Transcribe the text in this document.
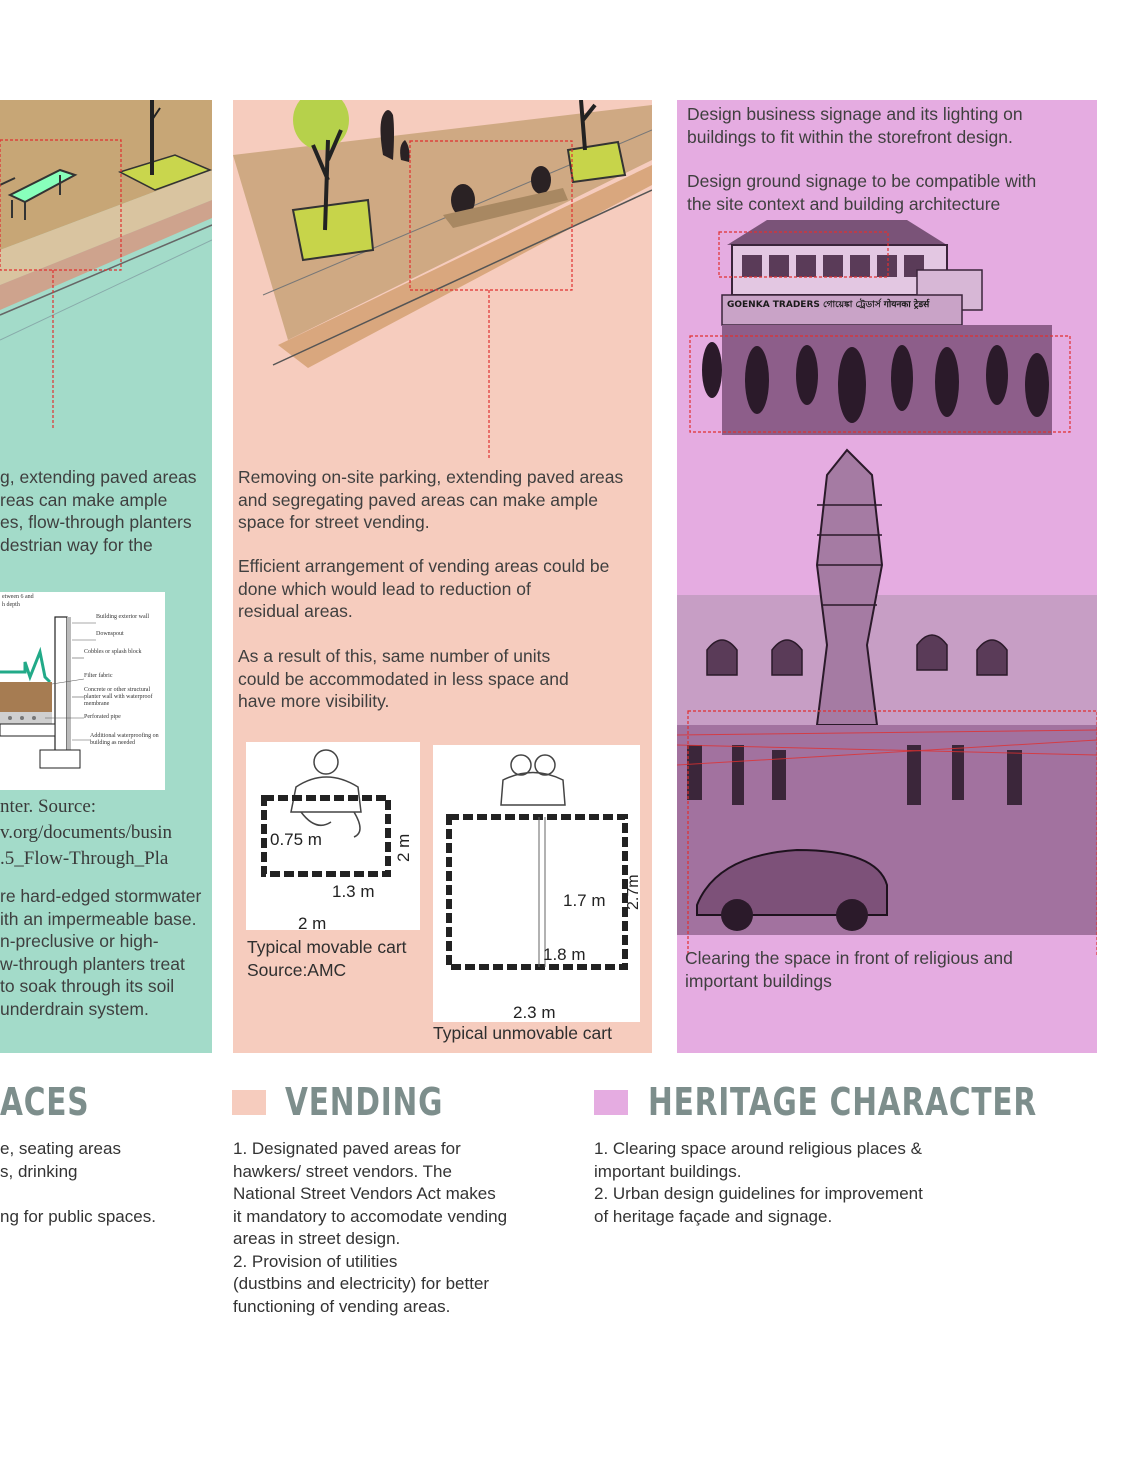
g, extending paved areas
reas can make ample
es, flow-through planters
destrian way for the
etween 6 and
h depth
Building exterior wall
Downspout
Cobbles or splash block
Filter fabric
Concrete or other structural planter wall with waterproof membrane
Perforated pipe
Additional waterproofing on building as needed
nter. Source:
v.org/documents/busin
.5_Flow-Through_Pla
re hard-edged stormwater
ith an impermeable base.
n-preclusive or high-
w-through planters treat
to soak through its soil
underdrain system.
Removing on-site parking, extending paved areas
and segregating paved areas can make ample
space for street vending.
Efficient arrangement of vending areas could be
done which would lead to reduction of
residual areas.
As a result of this, same number of units
could be accommodated in less space and
have more visibility.
0.75 m	2 m
1.3 m
2 m
Typical movable cart
Source:AMC
1.7 m 2.7m
1.8 m
2.3 m
Typical unmovable cart
Design business signage and its lighting on
buildings to fit within the storefront design.
Design ground signage to be compatible with
the site context and building architecture
GOENKA TRADERS গোয়েঙ্কা ট্রেডার্স गोयनका ट्रेडर्स
Clearing the space in front of religious and
important buildings
ACES
e, seating areas
s, drinking
ng for public spaces.
VENDING
1. Designated paved areas for
hawkers/ street vendors. The
National Street Vendors Act makes
it mandatory to accomodate vending
areas in street design.
2. Provision of utilities
(dustbins and electricity) for better
functioning of vending areas.
HERITAGE CHARACTER
1. Clearing space around religious places &
important buildings.
2. Urban design guidelines for improvement
of heritage façade and signage.
